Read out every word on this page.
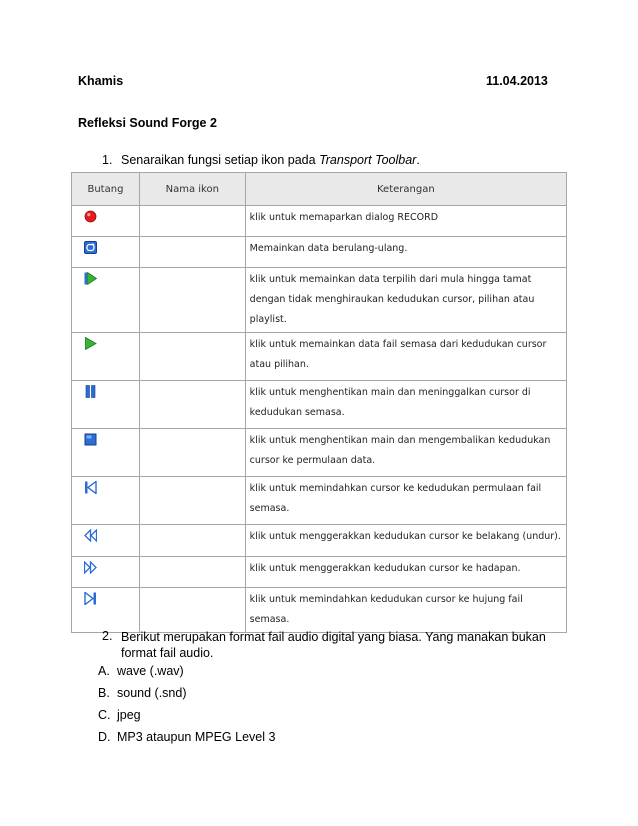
Khamis	11.04.2013
Refleksi Sound Forge 2
1. Senaraikan fungsi setiap ikon pada Transport Toolbar.
Butang	Nama ikon	Keterangan

		klik untuk memaparkan dialog RECORD

		Memainkan data berulang-ulang.

		klik untuk memainkan data terpilih dari mula hingga tamat dengan tidak menghiraukan kedudukan cursor, pilihan atau playlist.

		klik untuk memainkan data fail semasa dari kedudukan cursor atau pilihan.

		klik untuk menghentikan main dan meninggalkan cursor di kedudukan semasa.

		klik untuk menghentikan main dan mengembalikan kedudukan cursor ke permulaan data.

		klik untuk memindahkan cursor ke kedudukan permulaan fail semasa.

		klik untuk menggerakkan kedudukan cursor ke belakang (undur).

		klik untuk menggerakkan kedudukan cursor ke hadapan.

		klik untuk memindahkan kedudukan cursor ke hujung fail semasa.
2. Berikut merupakan format fail audio digital yang biasa. Yang manakan bukan format fail audio.
A. wave (.wav)
B. sound (.snd)
C. jpeg
D. MP3 ataupun MPEG Level 3
